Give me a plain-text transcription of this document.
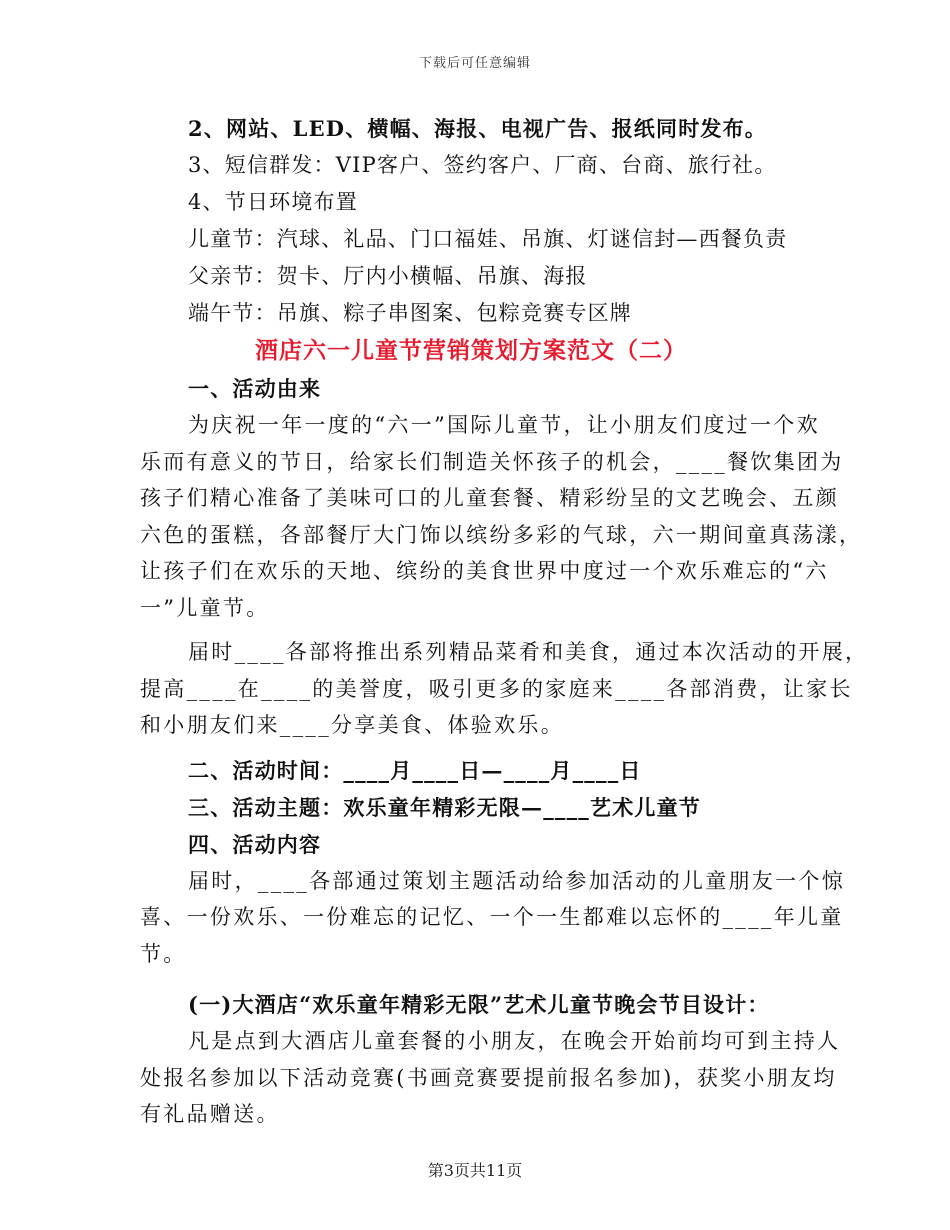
下载后可任意编辑
2、网站、LED、横幅、海报、电视广告、报纸同时发布。
3、短信群发：VIP客户、签约客户、厂商、台商、旅行社。
4、节日环境布置
儿童节：汽球、礼品、门口福娃、吊旗、灯谜信封—西餐负责
父亲节：贺卡、厅内小横幅、吊旗、海报
端午节：吊旗、粽子串图案、包粽竞赛专区牌
酒店六一儿童节营销策划方案范文（二）
一、活动由来
为庆祝一年一度的“六一”国际儿童节，让小朋友们度过一个欢
乐而有意义的节日，给家长们制造关怀孩子的机会，____餐饮集团为
孩子们精心准备了美味可口的儿童套餐、精彩纷呈的文艺晚会、五颜
六色的蛋糕，各部餐厅大门饰以缤纷多彩的气球，六一期间童真荡漾，
让孩子们在欢乐的天地、缤纷的美食世界中度过一个欢乐难忘的“六
一”儿童节。
届时____各部将推出系列精品菜肴和美食，通过本次活动的开展，
提高____在____的美誉度，吸引更多的家庭来____各部消费，让家长
和小朋友们来____分享美食、体验欢乐。
二、活动时间：____月____日—____月____日
三、活动主题：欢乐童年精彩无限—____艺术儿童节
四、活动内容
届时，____各部通过策划主题活动给参加活动的儿童朋友一个惊
喜、一份欢乐、一份难忘的记忆、一个一生都难以忘怀的____年儿童
节。
(一)大酒店“欢乐童年精彩无限”艺术儿童节晚会节目设计：
凡是点到大酒店儿童套餐的小朋友，在晚会开始前均可到主持人
处报名参加以下活动竞赛(书画竞赛要提前报名参加)，获奖小朋友均
有礼品赠送。
第3页共11页
